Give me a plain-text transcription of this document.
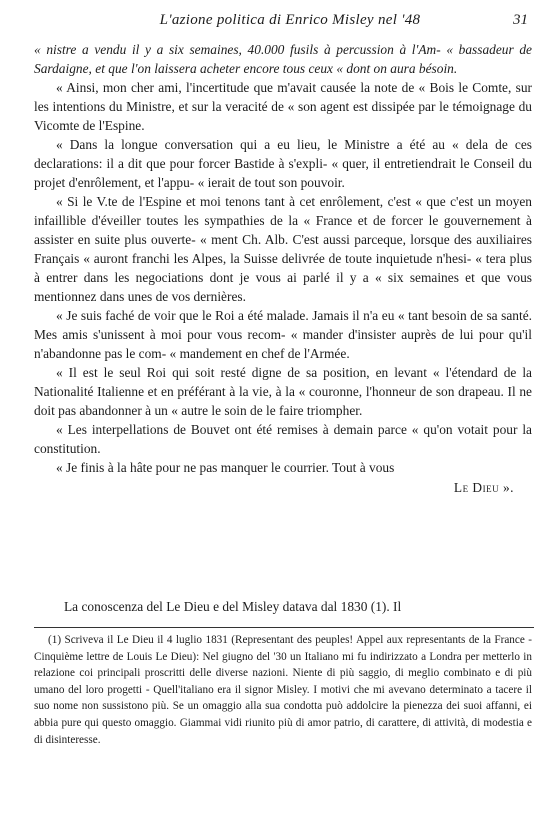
L'azione politica di Enrico Misley nel '48	31

« nistre a vendu il y a six semaines, 40.000 fusils à percussion à l'Am- « bassadeur de Sardaigne, et que l'on laissera acheter encore tous ceux « dont on aura bésoin.

« Ainsi, mon cher ami, l'incertitude que m'avait causée la note de « Bois le Comte, sur les intentions du Ministre, et sur la veracité de « son agent est dissipée par le témoignage du Vicomte de l'Espine.

« Dans la longue conversation qui a eu lieu, le Ministre a été au « dela de ces declarations: il a dit que pour forcer Bastide à s'expli- « quer, il entretiendrait le Conseil du projet d'enrôlement, et l'appu- « ierait de tout son pouvoir.

« Si le V.te de l'Espine et moi tenons tant à cet enrôlement, c'est « que c'est un moyen infaillible d'éveiller toutes les sympathies de la « France et de forcer le gouvernement à assister en suite plus ouverte- « ment Ch. Alb. C'est aussi parceque, lorsque des auxiliaires Français « auront franchi les Alpes, la Suisse delivrée de toute inquietude n'hesi- « tera plus à entrer dans les negociations dont je vous ai parlé il y a « six semaines et que vous mentionnez dans unes de vos dernières.

« Je suis faché de voir que le Roi a été malade. Jamais il n'a eu « tant besoin de sa santé. Mes amis s'unissent à moi pour vous recom- « mander d'insister auprès de lui pour qu'il n'abandonne pas le com- « mandement en chef de l'Armée.

« Il est le seul Roi qui soit resté digne de sa position, en levant « l'étendard de la Nationalité Italienne et en préférant à la vie, à la « couronne, l'honneur de son drapeau. Il ne doit pas abandonner à un « autre le soin de le faire triompher.

« Les interpellations de Bouvet ont été remises à demain parce « qu'on votait pour la constitution.

« Je finis à la hâte pour ne pas manquer le courrier. Tout à vous

Le Dieu ».

La conoscenza del Le Dieu e del Misley datava dal 1830 (1). Il

(1) Scriveva il Le Dieu il 4 luglio 1831 (Representant des peuples! Appel aux representants de la France - Cinquième lettre de Louis Le Dieu): Nel giugno del '30 un Italiano mi fu indirizzato a Londra per metterlo in relazione coi principali proscritti delle diverse nazioni. Niente di più saggio, di meglio combinato e di più umano del loro progetti - Quell'italiano era il signor Misley. I motivi che mi avevano determinato a tacere il suo nome non sussistono più. Se un omaggio alla sua condotta può addolcire la pienezza dei suoi affanni, ei abbia pure qui questo omaggio. Giammai vidi riunito più di amor patrio, di carattere, di attività, di modestia e di disinteresse.
